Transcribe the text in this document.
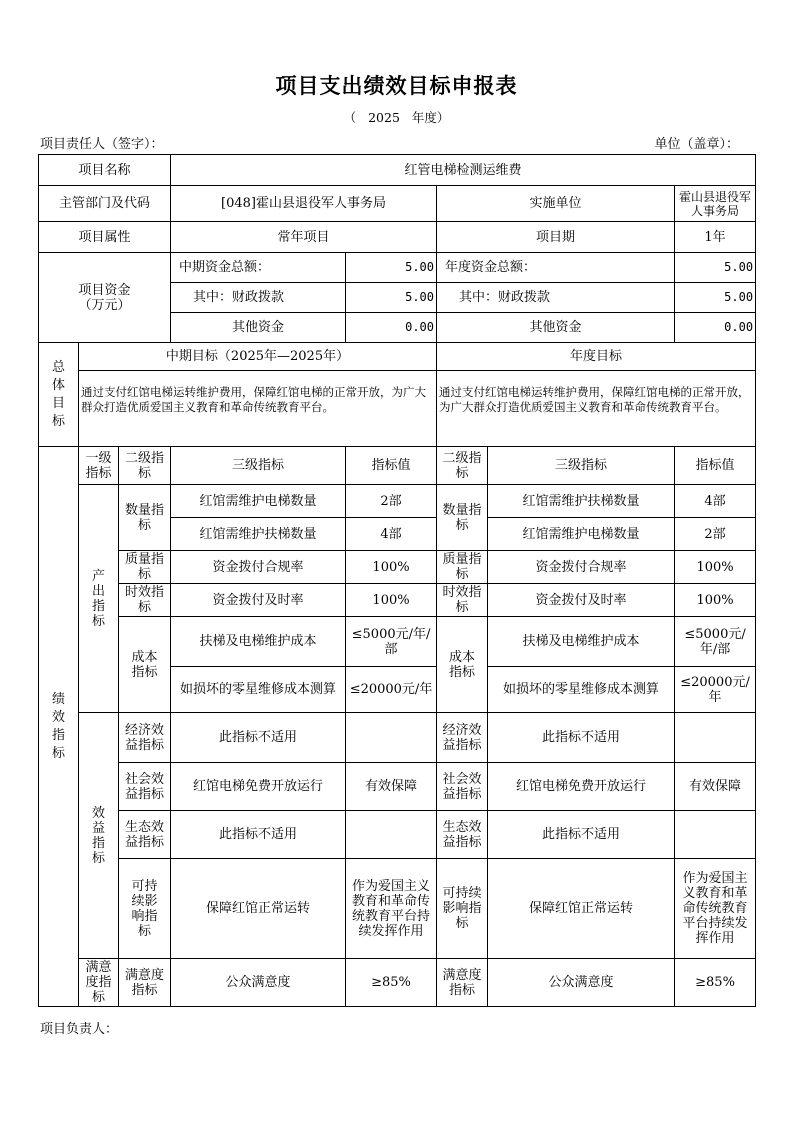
项目支出绩效目标申报表
（   2025   年度）
项目责任人（签字）：	单位（盖章）：
项目名称			红管电梯检测运维费				
主管部门及代码			[048]霍山县退役军人事务局		实施单位		霍山县退役军人事务局
项目属性			常年项目		项目期		1年
项目资金（万元）			中期资金总额：	5.00	年度资金总额：		5.00
			其中：财政拨款	5.00	其中：财政拨款		5.00
			其他资金	0.00	其他资金		0.00
总体目标	中期目标（2025年—2025年）				年度目标		
	通过支付红馆电梯运转维护费用，保障红馆电梯的正常开放，为广大群众打造优质爱国主义教育和革命传统教育平台。				通过支付红馆电梯运转维护费用，保障红馆电梯的正常开放，为广大群众打造优质爱国主义教育和革命传统教育平台。		
绩效指标	一级指标	二级指标	三级指标	指标值	二级指标	三级指标	指标值
	产出指标	数量指标	红馆需维护电梯数量	2部	数量指标	红馆需维护扶梯数量	4部
			红馆需维护扶梯数量	4部		红馆需维护电梯数量	2部
		质量指标	资金拨付合规率	100%	质量指标	资金拨付合规率	100%
		时效指标	资金拨付及时率	100%	时效指标	资金拨付及时率	100%
		成本指标	扶梯及电梯维护成本	≤5000元/年/部	成本指标	扶梯及电梯维护成本	≤5000元/年/部
			如损坏的零星维修成本测算	≤20000元/年		如损坏的零星维修成本测算	≤20000元/年
	效益指标	经济效益指标	此指标不适用		经济效益指标	此指标不适用	
		社会效益指标	红馆电梯免费开放运行	有效保障	社会效益指标	红馆电梯免费开放运行	有效保障
		生态效益指标	此指标不适用		生态效益指标	此指标不适用	
		可持续影响指标	保障红馆正常运转	作为爱国主义教育和革命传统教育平台持续发挥作用	可持续影响指标	保障红馆正常运转	作为爱国主义教育和革命传统教育平台持续发挥作用
	满意度指标	满意度指标	公众满意度	≥85%	满意度指标	公众满意度	≥85%
项目负责人：
